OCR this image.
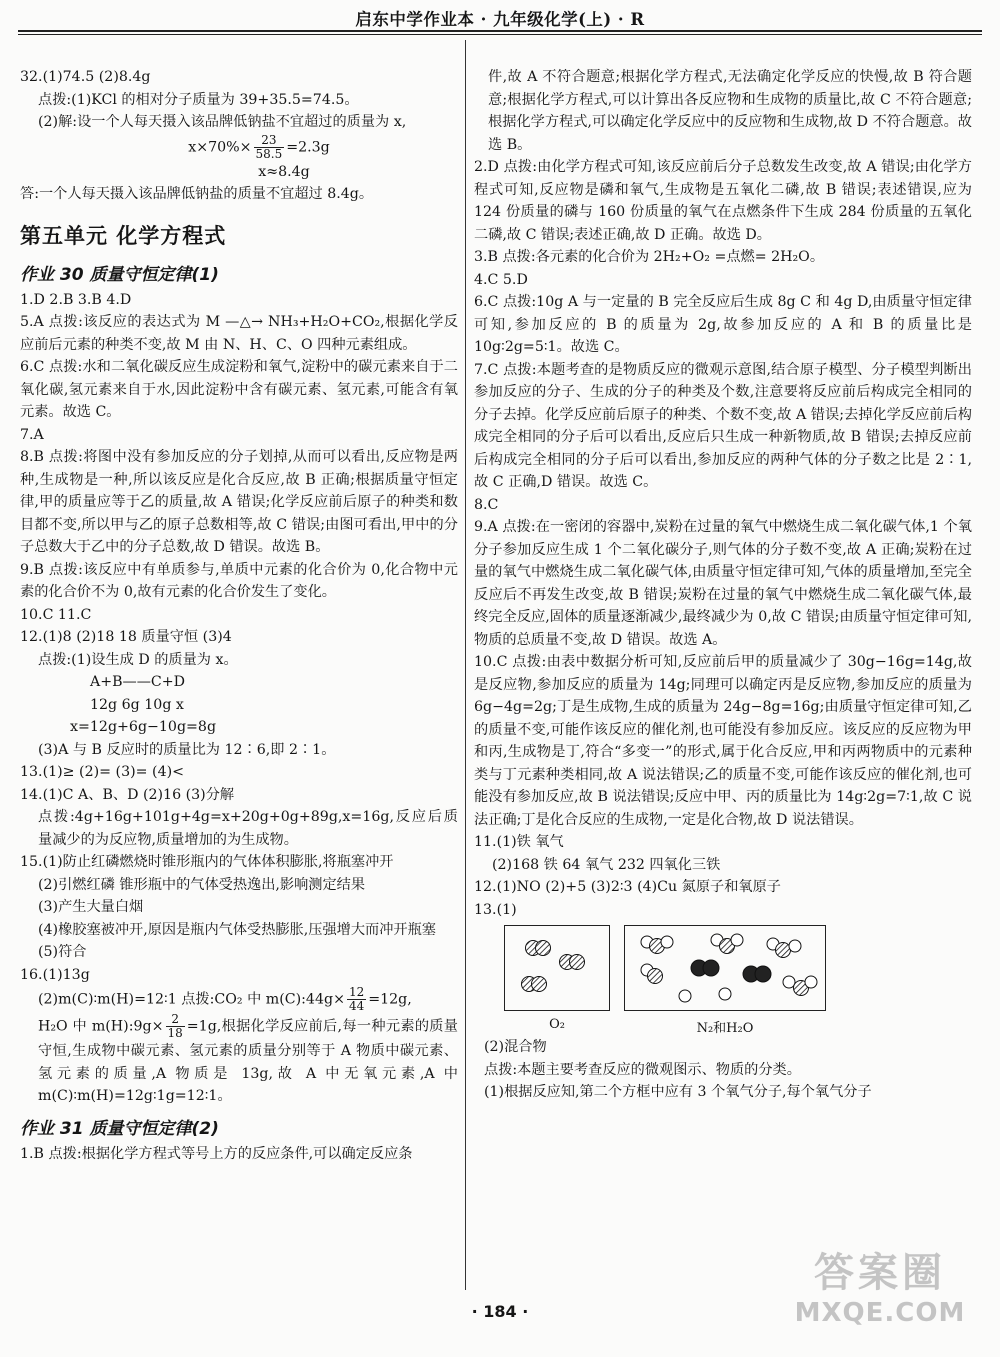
启东中学作业本 · 九年级化学(上) · R

32.(1)74.5 (2)8.4g

点拨:(1)KCl 的相对分子质量为 39+35.5=74.5。

(2)解:设一个人每天摄入该品牌低钠盐不宜超过的质量为 x,

$x\times 70\%\times \frac{23}{58.5} =2.3g$

x≈8.4g

答:一个人每天摄入该品牌低钠盐的质量不宜超过 8.4g。

第五单元 化学方程式
作业 30 质量守恒定律(1)

1.D 2.B 3.B 4.D

5.A 点拨:该反应的表达式为 M —△→ NH₃+H₂O+CO₂,根据化学反应前后元素的种类不变,故 M 由 N、H、C、O 四种元素组成。

6.C 点拨:水和二氧化碳反应生成淀粉和氧气,淀粉中的碳元素来自于二氧化碳,氢元素来自于水,因此淀粉中含有碳元素、氢元素,可能含有氧元素。故选 C。

7.A

8.B 点拨:将图中没有参加反应的分子划掉,从而可以看出,反应物是两种,生成物是一种,所以该反应是化合反应,故 B 正确;根据质量守恒定律,甲的质量应等于乙的质量,故 A 错误;化学反应前后原子的种类和数目都不变,所以甲与乙的原子总数相等,故 C 错误;由图可看出,甲中的分子总数大于乙中的分子总数,故 D 错误。故选 B。

9.B 点拨:该反应中有单质参与,单质中元素的化合价为 0,化合物中元素的化合价不为 0,故有元素的化合价发生了变化。

10.C 11.C

12.(1)8 (2)18 18 质量守恒 (3)4

点拨:(1)设生成 D 的质量为 x。

A+B——C+D

12g 6g 10g x

x=12g+6g−10g=8g

(3)A 与 B 反应时的质量比为 12∶6,即 2∶1。

13.(1)≥ (2)= (3)= (4)<

14.(1)C A、B、D (2)16 (3)分解

点拨:4g+16g+101g+4g=x+20g+0g+89g,x=16g,反应后质量减少的为反应物,质量增加的为生成物。

15.(1)防止红磷燃烧时锥形瓶内的气体体积膨胀,将瓶塞冲开

(2)引燃红磷 锥形瓶中的气体受热逸出,影响测定结果

(3)产生大量白烟

(4)橡胶塞被冲开,原因是瓶内气体受热膨胀,压强增大而冲开瓶塞

(5)符合

16.(1)13g

(2)m(C)∶m(H)=12∶1 点拨:CO₂ 中 m(C):44g× $\frac{12}{44} =12g$,

H₂O 中 m(H):9g× $\frac{2}{18} =1g$,根据化学反应前后,每一种元素的质量守恒,生成物中碳元素、氢元素的质量分别等于 A 物质中碳元素、氢元素的质量,A 物质是 13g,故 A 中无氧元素,A 中 m(C)∶m(H)=12g∶1g=12∶1。

作业 31 质量守恒定律(2)

1.B 点拨:根据化学方程式等号上方的反应条件,可以确定反应条

件,故 A 不符合题意;根据化学方程式,无法确定化学反应的快慢,故 B 符合题意;根据化学方程式,可以计算出各反应物和生成物的质量比,故 C 不符合题意;根据化学方程式,可以确定化学反应中的反应物和生成物,故 D 不符合题意。故选 B。

2.D 点拨:由化学方程式可知,该反应前后分子总数发生改变,故 A 错误;由化学方程式可知,反应物是磷和氧气,生成物是五氧化二磷,故 B 错误;表述错误,应为 124 份质量的磷与 160 份质量的氧气在点燃条件下生成 284 份质量的五氧化二磷,故 C 错误;表述正确,故 D 正确。故选 D。

3.B 点拨:各元素的化合价为 2H₂+O₂ =点燃= 2H₂O。

4.C 5.D

6.C 点拨:10g A 与一定量的 B 完全反应后生成 8g C 和 4g D,由质量守恒定律可知,参加反应的 B 的质量为 2g,故参加反应的 A 和 B 的质量比是 10g∶2g=5∶1。故选 C。

7.C 点拨:本题考查的是物质反应的微观示意图,结合原子模型、分子模型判断出参加反应的分子、生成的分子的种类及个数,注意要将反应前后构成完全相同的分子去掉。化学反应前后原子的种类、个数不变,故 A 错误;去掉化学反应前后构成完全相同的分子后可以看出,反应后只生成一种新物质,故 B 错误;去掉反应前后构成完全相同的分子后可以看出,参加反应的两种气体的分子数之比是 2∶1,故 C 正确,D 错误。故选 C。

8.C

9.A 点拨:在一密闭的容器中,炭粉在过量的氧气中燃烧生成二氧化碳气体,1 个氧分子参加反应生成 1 个二氧化碳分子,则气体的分子数不变,故 A 正确;炭粉在过量的氧气中燃烧生成二氧化碳气体,由质量守恒定律可知,气体的质量增加,至完全反应后不再发生改变,故 B 错误;炭粉在过量的氧气中燃烧生成二氧化碳气体,最终完全反应,固体的质量逐渐减少,最终减少为 0,故 C 错误;由质量守恒定律可知,物质的总质量不变,故 D 错误。故选 A。

10.C 点拨:由表中数据分析可知,反应前后甲的质量减少了 30g−16g=14g,故是反应物,参加反应的质量为 14g;同理可以确定丙是反应物,参加反应的质量为 6g−4g=2g;丁是生成物,生成的质量为 24g−8g=16g;由质量守恒定律可知,乙的质量不变,可能作该反应的催化剂,也可能没有参加反应。该反应的反应物为甲和丙,生成物是丁,符合“多变一”的形式,属于化合反应,甲和丙两物质中的元素种类与丁元素种类相同,故 A 说法错误;乙的质量不变,可能作该反应的催化剂,也可能没有参加反应,故 B 说法错误;反应中甲、丙的质量比为 14g∶2g=7∶1,故 C 说法正确;丁是化合反应的生成物,一定是化合物,故 D 说法错误。

11.(1)铁 氧气

(2)168 铁 64 氧气 232 四氧化三铁

12.(1)NO (2)+5 (3)2∶3 (4)Cu 氮原子和氧原子

13.(1)

O₂	N₂和H₂O

(2)混合物

点拨:本题主要考查反应的微观图示、物质的分类。

(1)根据反应知,第二个方框中应有 3 个氧气分子,每个氧气分子

· 184 ·
答案圈
MXQE.COM
